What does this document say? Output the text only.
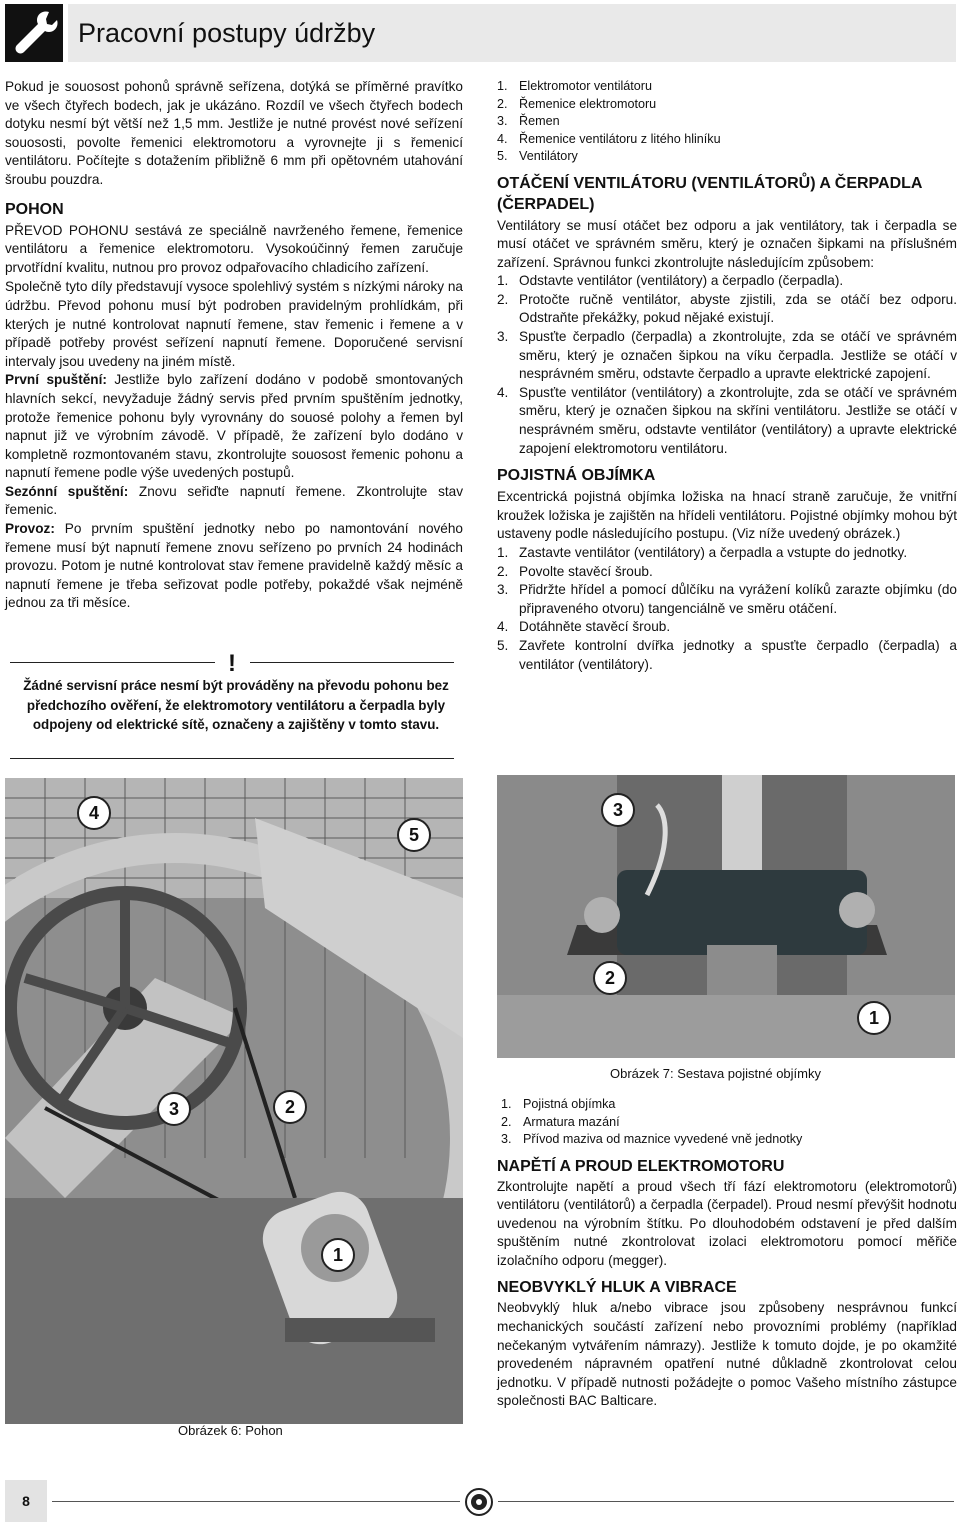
Pracovní postupy údržby

Pokud je souosost pohonů správně seřízena, dotýká se příměrné pravítko ve všech čtyřech bodech, jak je ukázáno. Rozdíl ve všech čtyřech bodech dotyku nesmí být větší než 1,5 mm. Jestliže je nutné provést nové seřízení souososti, povolte řemenici elektromotoru a vyrovnejte ji s řemenicí ventilátoru. Počítejte s dotažením přibližně 6 mm při opětovném utahování šroubu pouzdra.

POHON

PŘEVOD POHONU sestává ze speciálně navrženého řemene, řemenice ventilátoru a řemenice elektromotoru. Vysokoúčinný řemen zaručuje prvotřídní kvalitu, nutnou pro provoz odpařovacího chladicího zařízení.

Společně tyto díly představují vysoce spolehlivý systém s nízkými nároky na údržbu. Převod pohonu musí být podroben pravidelným prohlídkám, při kterých je nutné kontrolovat napnutí řemene, stav řemenic i řemene a v případě potřeby provést seřízení napnutí řemene. Doporučené servisní intervaly jsou uvedeny na jiném místě.

První spuštění: Jestliže bylo zařízení dodáno v podobě smontovaných hlavních sekcí, nevyžaduje žádný servis před prvním spuštěním jednotky, protože řemenice pohonu byly vyrovnány do souosé polohy a řemen byl napnut již ve výrobním závodě. V případě, že zařízení bylo dodáno v kompletně rozmontovaném stavu, zkontrolujte souosost řemenic pohonu a napnutí řemene podle výše uvedených postupů.

Sezónní spuštění: Znovu seřiďte napnutí řemene. Zkontrolujte stav řemenic.

Provoz: Po prvním spuštění jednotky nebo po namontování nového řemene musí být napnutí řemene znovu seřízeno po prvních 24 hodinách provozu. Potom je nutné kontrolovat stav řemene pravidelně každý měsíc a napnutí řemene je třeba seřizovat podle potřeby, pokaždé však nejméně jednou za tři měsíce.

!
Žádné servisní práce nesmí být prováděny na převodu pohonu bez předchozího ověření, že elektromotory ventilátoru a čerpadla byly odpojeny od elektrické sítě, označeny a zajištěny v tomto stavu.
1. Elektromotor ventilátoru
2. Řemenice elektromotoru
3. Řemen
4. Řemenice ventilátoru z litého hliníku
5. Ventilátory
OTÁČENÍ VENTILÁTORU (VENTILÁTORŮ) A ČERPADLA (ČERPADEL)

Ventilátory se musí otáčet bez odporu a jak ventilátory, tak i čerpadla se musí otáčet ve správném směru, který je označen šipkami na příslušném zařízení. Správnou funkci zkontrolujte následujícím způsobem:

1. Odstavte ventilátor (ventilátory) a čerpadlo (čerpadla).
2. Protočte ručně ventilátor, abyste zjistili, zda se otáčí bez odporu. Odstraňte překážky, pokud nějaké existují.
3. Spusťte čerpadlo (čerpadla) a zkontrolujte, zda se otáčí ve správném směru, který je označen šipkou na víku čerpadla. Jestliže se otáčí v nesprávném směru, odstavte čerpadlo a upravte elektrické zapojení.
4. Spusťte ventilátor (ventilátory) a zkontrolujte, zda se otáčí ve správném směru, který je označen šipkou na skříni ventilátoru. Jestliže se otáčí v nesprávném směru, odstavte ventilátor (ventilátory) a upravte elektrické zapojení elektromotoru ventilátoru.
POJISTNÁ OBJÍMKA

Excentrická pojistná objímka ložiska na hnací straně zaručuje, že vnitřní kroužek ložiska je zajištěn na hřídeli ventilátoru. Pojistné objímky mohou být ustaveny podle následujícího postupu. (Viz níže uvedený obrázek.)

1. Zastavte ventilátor (ventilátory) a čerpadla a vstupte do jednotky.
2. Povolte stavěcí šroub.
3. Přidržte hřídel a pomocí důlčíku na vyrážení kolíků zarazte objímku (do připraveného otvoru) tangenciálně ve směru otáčení.
4. Dotáhněte stavěcí šroub.
5. Zavřete kontrolní dvířka jednotky a spusťte čerpadlo (čerpadla) a ventilátor (ventilátory).
4
5
3	2
1
Obrázek 6: Pohon
3
2
1
Obrázek 7: Sestava pojistné objímky
1. Pojistná objímka
2. Armatura mazání
3. Přívod maziva od maznice vyvedené vně jednotky
NAPĚTÍ A PROUD ELEKTROMOTORU

Zkontrolujte napětí a proud všech tří fází elektromotoru (elektromotorů) ventilátoru (ventilátorů) a čerpadla (čerpadel). Proud nesmí převýšit hodnotu uvedenou na výrobním štítku. Po dlouhodobém odstavení je před dalším spuštěním nutné zkontrolovat izolaci elektromotoru pomocí měřiče izolačního odporu (megger).

NEOBVYKLÝ HLUK A VIBRACE

Neobvyklý hluk a/nebo vibrace jsou způsobeny nesprávnou funkcí mechanických součástí zařízení nebo provozními problémy (například nečekaným vytvářením námrazy). Jestliže k tomuto dojde, je po okamžité provedeném nápravném opatření nutné důkladně zkontrolovat celou jednotku. V případě nutnosti požádejte o pomoc Vašeho místního zástupce společnosti BAC Balticare.

8
